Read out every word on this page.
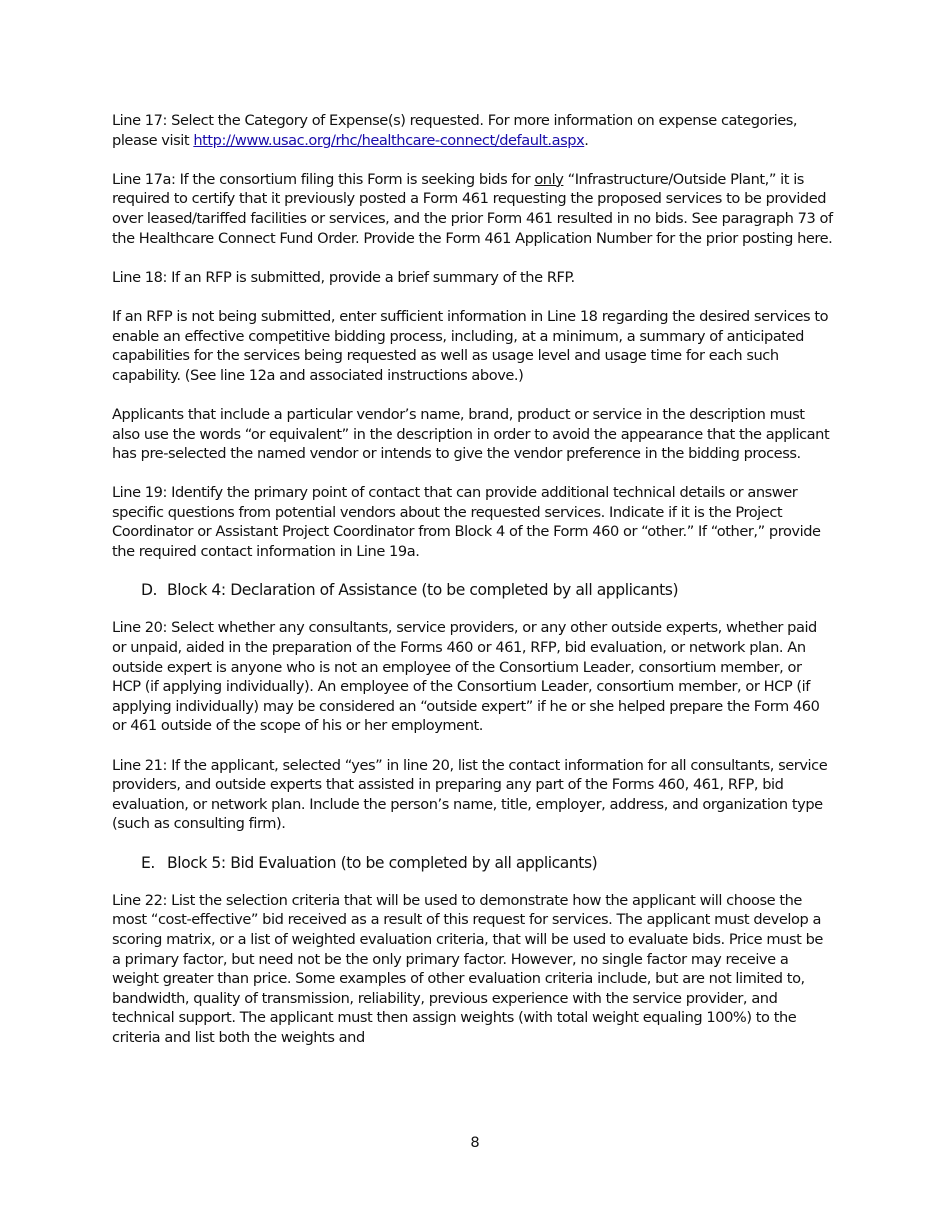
Line 17: Select the Category of Expense(s) requested. For more information on expense categories, please visit http://www.usac.org/rhc/healthcare-connect/default.aspx.

Line 17a: If the consortium filing this Form is seeking bids for only “Infrastructure/Outside Plant,” it is required to certify that it previously posted a Form 461 requesting the proposed services to be provided over leased/tariffed facilities or services, and the prior Form 461 resulted in no bids. See paragraph 73 of the Healthcare Connect Fund Order. Provide the Form 461 Application Number for the prior posting here.

Line 18: If an RFP is submitted, provide a brief summary of the RFP.

If an RFP is not being submitted, enter sufficient information in Line 18 regarding the desired services to enable an effective competitive bidding process, including, at a minimum, a summary of anticipated capabilities for the services being requested as well as usage level and usage time for each such capability. (See line 12a and associated instructions above.)

Applicants that include a particular vendor’s name, brand, product or service in the description must also use the words “or equivalent” in the description in order to avoid the appearance that the applicant has pre-selected the named vendor or intends to give the vendor preference in the bidding process.

Line 19: Identify the primary point of contact that can provide additional technical details or answer specific questions from potential vendors about the requested services. Indicate if it is the Project Coordinator or Assistant Project Coordinator from Block 4 of the Form 460 or “other.” If “other,” provide the required contact information in Line 19a.

D. Block 4: Declaration of Assistance (to be completed by all applicants)

Line 20: Select whether any consultants, service providers, or any other outside experts, whether paid or unpaid, aided in the preparation of the Forms 460 or 461, RFP, bid evaluation, or network plan. An outside expert is anyone who is not an employee of the Consortium Leader, consortium member, or HCP (if applying individually). An employee of the Consortium Leader, consortium member, or HCP (if applying individually) may be considered an “outside expert” if he or she helped prepare the Form 460 or 461 outside of the scope of his or her employment.

Line 21: If the applicant, selected “yes” in line 20, list the contact information for all consultants, service providers, and outside experts that assisted in preparing any part of the Forms 460, 461, RFP, bid evaluation, or network plan. Include the person’s name, title, employer, address, and organization type (such as consulting firm).

E. Block 5: Bid Evaluation (to be completed by all applicants)

Line 22: List the selection criteria that will be used to demonstrate how the applicant will choose the most “cost-effective” bid received as a result of this request for services. The applicant must develop a scoring matrix, or a list of weighted evaluation criteria, that will be used to evaluate bids. Price must be a primary factor, but need not be the only primary factor. However, no single factor may receive a weight greater than price. Some examples of other evaluation criteria include, but are not limited to, bandwidth, quality of transmission, reliability, previous experience with the service provider, and technical support. The applicant must then assign weights (with total weight equaling 100%) to the criteria and list both the weights and

8
